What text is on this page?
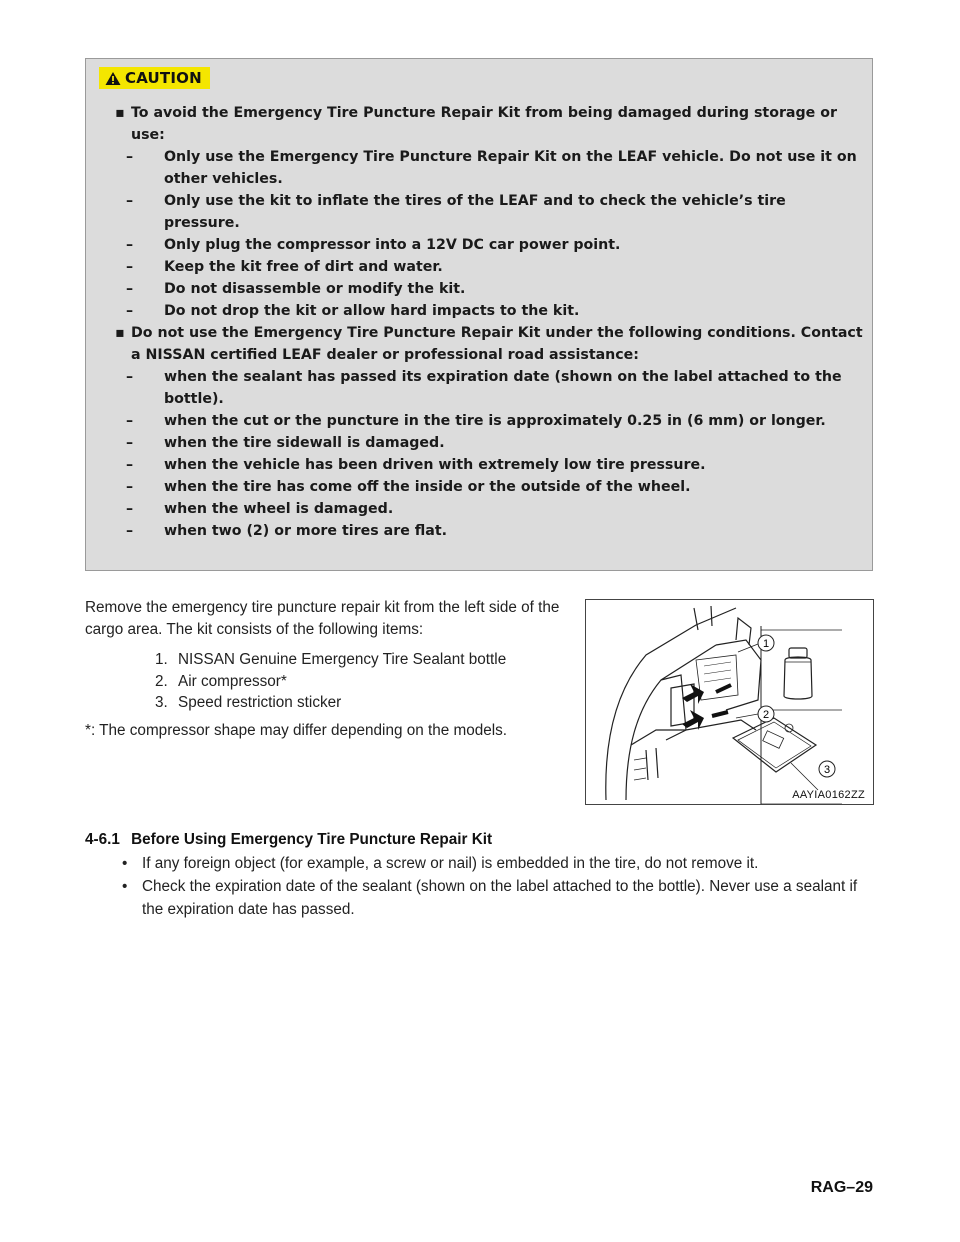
CAUTION
▪ To avoid the Emergency Tire Puncture Repair Kit from being damaged during storage or use:
– Only use the Emergency Tire Puncture Repair Kit on the LEAF vehicle. Do not use it on other vehicles.
– Only use the kit to inflate the tires of the LEAF and to check the vehicle’s tire pressure.
– Only plug the compressor into a 12V DC car power point.
– Keep the kit free of dirt and water.
– Do not disassemble or modify the kit.
– Do not drop the kit or allow hard impacts to the kit.
▪ Do not use the Emergency Tire Puncture Repair Kit under the following conditions. Contact a NISSAN certified LEAF dealer or professional road assistance:
– when the sealant has passed its expiration date (shown on the label attached to the bottle).
– when the cut or the puncture in the tire is approximately 0.25 in (6 mm) or longer.
– when the tire sidewall is damaged.
– when the vehicle has been driven with extremely low tire pressure.
– when the tire has come off the inside or the outside of the wheel.
– when the wheel is damaged.
– when two (2) or more tires are flat.

Remove the emergency tire puncture repair kit from the left side of the cargo area. The kit consists of the following items:

1. NISSAN Genuine Emergency Tire Sealant bottle
2. Air compressor*
3. Speed restriction sticker

*: The compressor shape may differ depending on the models.

1
2
3
AAYIA0162ZZ
4-6.1 Before Using Emergency Tire Puncture Repair Kit
• If any foreign object (for example, a screw or nail) is embedded in the tire, do not remove it.
• Check the expiration date of the sealant (shown on the label attached to the bottle). Never use a sealant if the expiration date has passed.
RAG–29
